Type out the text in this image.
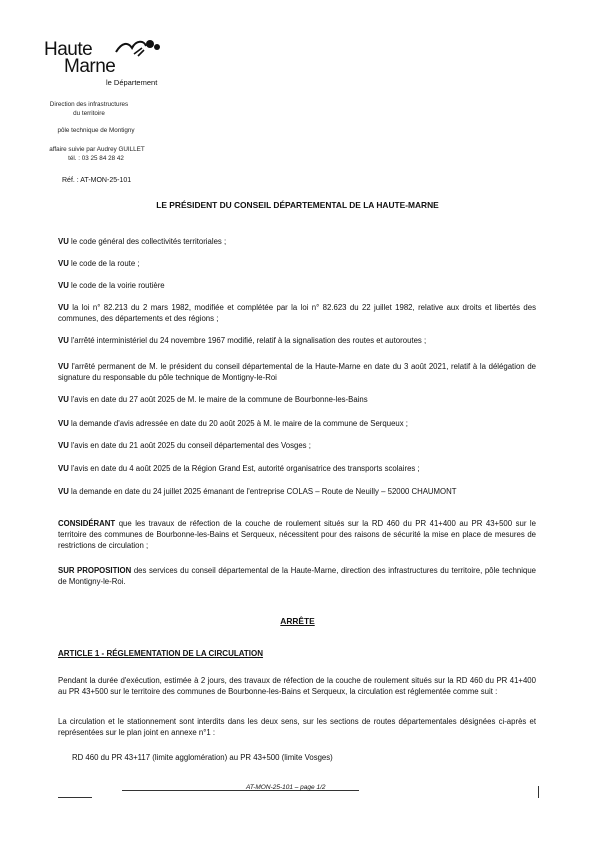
Haute
Marne
le Département
Direction des infrastructures
du territoire
pôle technique de Montigny
affaire suivie par Audrey GUILLET
tél. : 03 25 84 28 42
Réf. : AT-MON-25-101
LE PRÉSIDENT DU CONSEIL DÉPARTEMENTAL DE LA HAUTE-MARNE
VU le code général des collectivités territoriales ;
VU le code de la route ;
VU le code de la voirie routière
VU la loi n° 82.213 du 2 mars 1982, modifiée et complétée par la loi n° 82.623 du 22 juillet 1982, relative aux droits et libertés des communes, des départements et des régions ;
VU l'arrêté interministériel du 24 novembre 1967 modifié, relatif à la signalisation des routes et autoroutes ;
VU l'arrêté permanent de M. le président du conseil départemental de la Haute-Marne en date du 3 août 2021, relatif à la délégation de signature du responsable du pôle technique de Montigny-le-Roi
VU l'avis en date du 27 août 2025 de M. le maire de la commune de Bourbonne-les-Bains
VU la demande d'avis adressée en date du 20 août 2025 à M. le maire de la commune de Serqueux ;
VU l'avis en date du 21 août 2025 du conseil départemental des Vosges ;
VU l'avis en date du 4 août 2025 de la Région Grand Est, autorité organisatrice des transports scolaires ;
VU la demande en date du 24 juillet 2025 émanant de l'entreprise COLAS – Route de Neuilly – 52000 CHAUMONT
CONSIDÉRANT que les travaux de réfection de la couche de roulement situés sur la RD 460 du PR 41+400 au PR 43+500 sur le territoire des communes de Bourbonne-les-Bains et Serqueux, nécessitent pour des raisons de sécurité la mise en place de mesures de restrictions de circulation ;
SUR PROPOSITION des services du conseil départemental de la Haute-Marne, direction des infrastructures du territoire, pôle technique de Montigny-le-Roi.
ARRÊTE
ARTICLE 1 - RÉGLEMENTATION DE LA CIRCULATION
Pendant la durée d'exécution, estimée à 2 jours, des travaux de réfection de la couche de roulement situés sur la RD 460 du PR 41+400 au PR 43+500 sur le territoire des communes de Bourbonne-les-Bains et Serqueux, la circulation est réglementée comme suit :
La circulation et le stationnement sont interdits dans les deux sens, sur les sections de routes départementales désignées ci-après et représentées sur le plan joint en annexe n°1 :
RD 460 du PR 43+117 (limite agglomération) au PR 43+500 (limite Vosges)
AT-MON-25-101 – page 1/2
